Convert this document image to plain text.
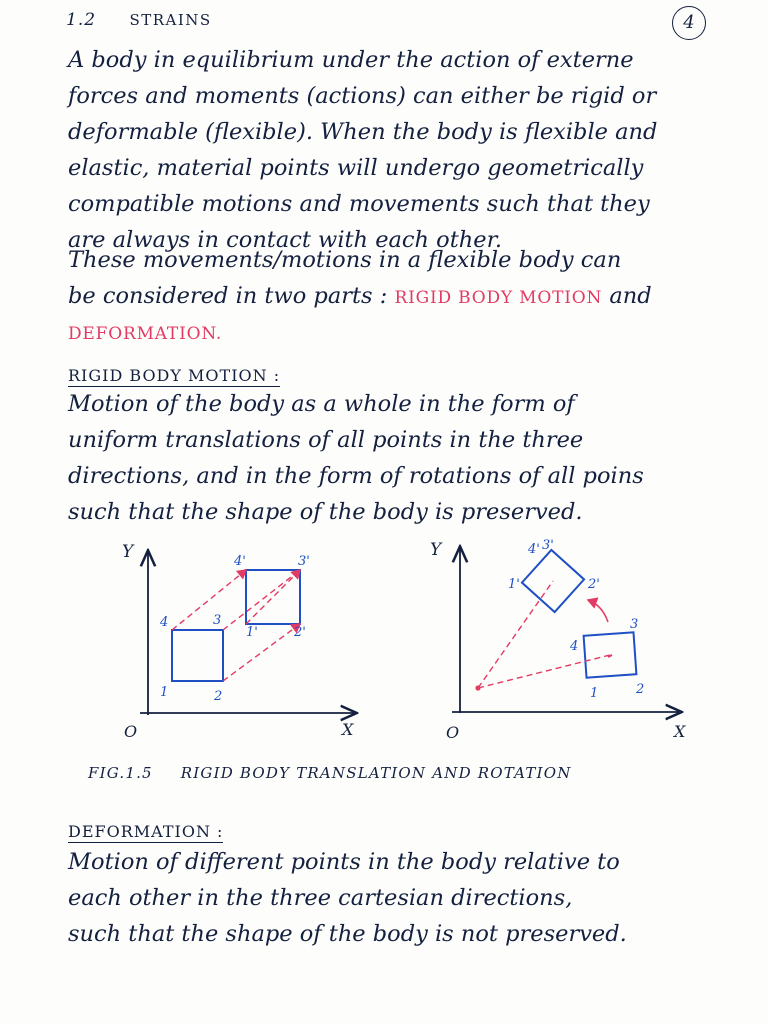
1.2 STRAINS	4
A body in equilibrium under the action of externe
forces and moments (actions) can either be rigid or
deformable (flexible). When the body is flexible and
elastic, material points will undergo geometrically
compatible motions and movements such that they
are always in contact with each other.
These movements/motions in a flexible body can
be considered in two parts : RIGID BODY MOTION and
DEFORMATION.
RIGID BODY MOTION :
Motion of the body as a whole in the form of
uniform translations of all points in the three
directions, and in the form of rotations of all poins
such that the shape of the body is preserved.
Y
X
O
1	2
3
4
1'	2'
3'
4'
Y
X
O
1	2
3
4
1'	2'
3'
4'
FIG.1.5 RIGID BODY TRANSLATION AND ROTATION
DEFORMATION :
Motion of different points in the body relative to
each other in the three cartesian directions,
such that the shape of the body is not preserved.
